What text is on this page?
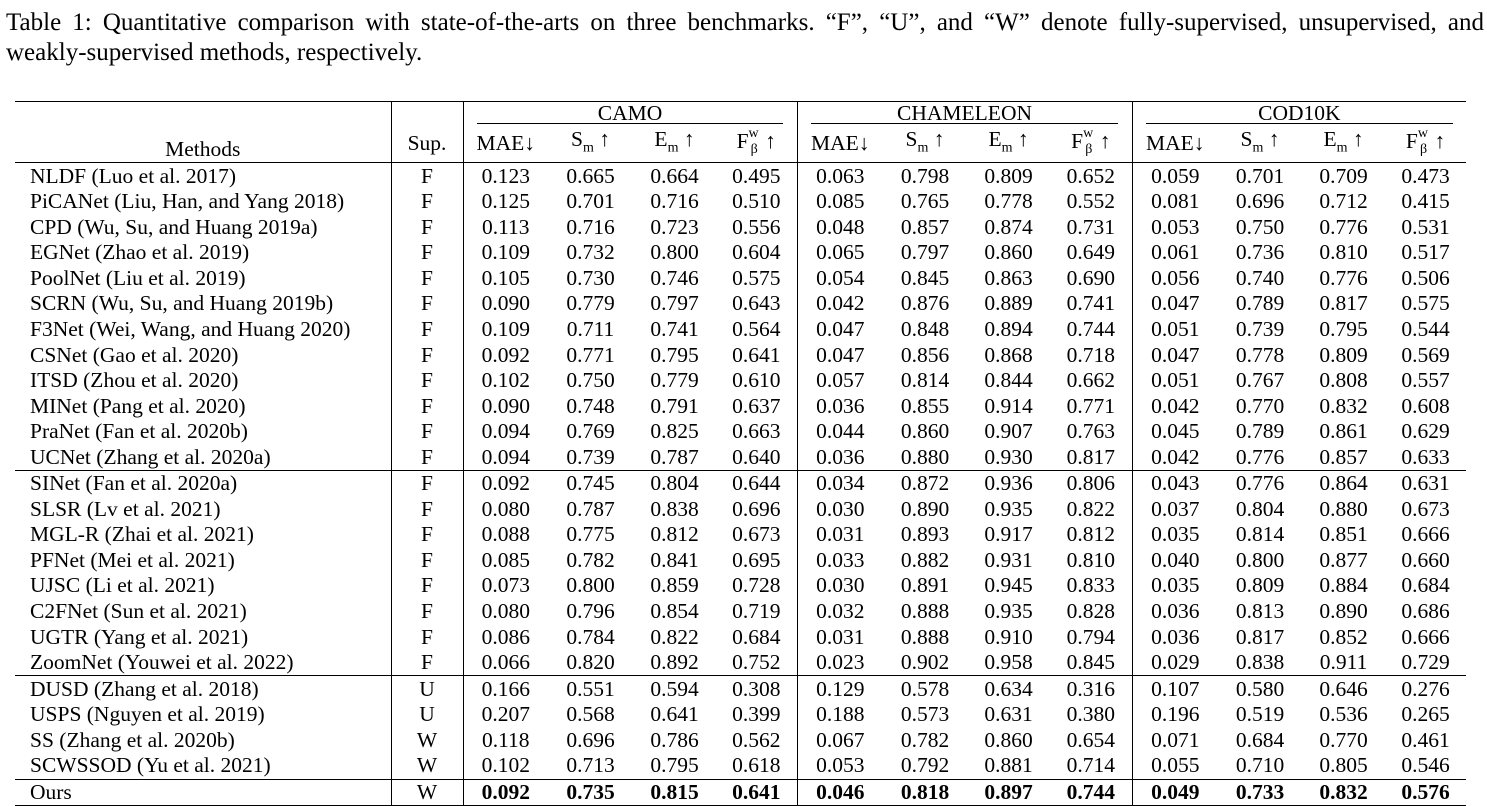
Table 1: Quantitative comparison with state-of-the-arts on three benchmarks. “F”, “U”, and “W” denote fully-supervised, unsupervised, and weakly-supervised methods, respectively.
		CAMO				CHAMELEON				COD10K			
Methods	Sup.	MAE↓	$S_m$ ↑	$E_m$ ↑	$F^w_\beta$ ↑	MAE↓	$S_m$ ↑	$E_m$ ↑	$F^w_\beta$ ↑	MAE↓	$S_m$ ↑	$E_m$ ↑	$F^w_\beta$ ↑
NLDF (Luo et al. 2017)	F	0.123	0.665	0.664	0.495	0.063	0.798	0.809	0.652	0.059	0.701	0.709	0.473
PiCANet (Liu, Han, and Yang 2018)	F	0.125	0.701	0.716	0.510	0.085	0.765	0.778	0.552	0.081	0.696	0.712	0.415
CPD (Wu, Su, and Huang 2019a)	F	0.113	0.716	0.723	0.556	0.048	0.857	0.874	0.731	0.053	0.750	0.776	0.531
EGNet (Zhao et al. 2019)	F	0.109	0.732	0.800	0.604	0.065	0.797	0.860	0.649	0.061	0.736	0.810	0.517
PoolNet (Liu et al. 2019)	F	0.105	0.730	0.746	0.575	0.054	0.845	0.863	0.690	0.056	0.740	0.776	0.506
SCRN (Wu, Su, and Huang 2019b)	F	0.090	0.779	0.797	0.643	0.042	0.876	0.889	0.741	0.047	0.789	0.817	0.575
F3Net (Wei, Wang, and Huang 2020)	F	0.109	0.711	0.741	0.564	0.047	0.848	0.894	0.744	0.051	0.739	0.795	0.544
CSNet (Gao et al. 2020)	F	0.092	0.771	0.795	0.641	0.047	0.856	0.868	0.718	0.047	0.778	0.809	0.569
ITSD (Zhou et al. 2020)	F	0.102	0.750	0.779	0.610	0.057	0.814	0.844	0.662	0.051	0.767	0.808	0.557
MINet (Pang et al. 2020)	F	0.090	0.748	0.791	0.637	0.036	0.855	0.914	0.771	0.042	0.770	0.832	0.608
PraNet (Fan et al. 2020b)	F	0.094	0.769	0.825	0.663	0.044	0.860	0.907	0.763	0.045	0.789	0.861	0.629
UCNet (Zhang et al. 2020a)	F	0.094	0.739	0.787	0.640	0.036	0.880	0.930	0.817	0.042	0.776	0.857	0.633
SINet (Fan et al. 2020a)	F	0.092	0.745	0.804	0.644	0.034	0.872	0.936	0.806	0.043	0.776	0.864	0.631
SLSR (Lv et al. 2021)	F	0.080	0.787	0.838	0.696	0.030	0.890	0.935	0.822	0.037	0.804	0.880	0.673
MGL-R (Zhai et al. 2021)	F	0.088	0.775	0.812	0.673	0.031	0.893	0.917	0.812	0.035	0.814	0.851	0.666
PFNet (Mei et al. 2021)	F	0.085	0.782	0.841	0.695	0.033	0.882	0.931	0.810	0.040	0.800	0.877	0.660
UJSC (Li et al. 2021)	F	0.073	0.800	0.859	0.728	0.030	0.891	0.945	0.833	0.035	0.809	0.884	0.684
C2FNet (Sun et al. 2021)	F	0.080	0.796	0.854	0.719	0.032	0.888	0.935	0.828	0.036	0.813	0.890	0.686
UGTR (Yang et al. 2021)	F	0.086	0.784	0.822	0.684	0.031	0.888	0.910	0.794	0.036	0.817	0.852	0.666
ZoomNet (Youwei et al. 2022)	F	0.066	0.820	0.892	0.752	0.023	0.902	0.958	0.845	0.029	0.838	0.911	0.729
DUSD (Zhang et al. 2018)	U	0.166	0.551	0.594	0.308	0.129	0.578	0.634	0.316	0.107	0.580	0.646	0.276
USPS (Nguyen et al. 2019)	U	0.207	0.568	0.641	0.399	0.188	0.573	0.631	0.380	0.196	0.519	0.536	0.265
SS (Zhang et al. 2020b)	W	0.118	0.696	0.786	0.562	0.067	0.782	0.860	0.654	0.071	0.684	0.770	0.461
SCWSSOD (Yu et al. 2021)	W	0.102	0.713	0.795	0.618	0.053	0.792	0.881	0.714	0.055	0.710	0.805	0.546
Ours	W	0.092	0.735	0.815	0.641	0.046	0.818	0.897	0.744	0.049	0.733	0.832	0.576
